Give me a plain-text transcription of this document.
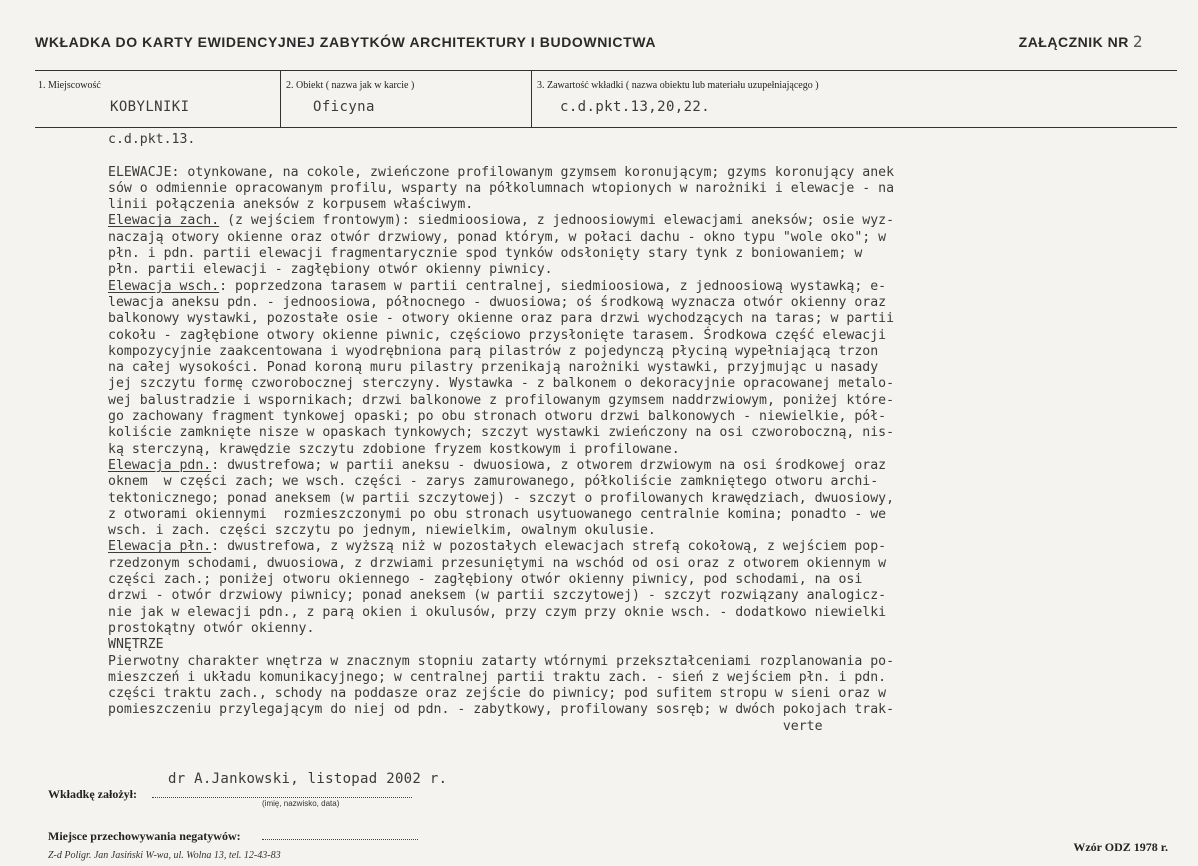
WKŁADKA DO KARTY EWIDENCYJNEJ ZABYTKÓW ARCHITEKTURY I BUDOWNICTWA	ZAŁĄCZNIK NR 2
1. Miejscowość
KOBYLNIKI
2. Obiekt ( nazwa jak w karcie )
Oficyna
3. Zawartość wkładki ( nazwa obiektu lub materiału uzupełniającego )
c.d.pkt.13,20,22.
c.d.pkt.13.
ELEWACJE: otynkowane, na cokole, zwieńczone profilowanym gzymsem koronującym; gzyms koronujący anek
sów o odmiennie opracowanym profilu, wsparty na półkolumnach wtopionych w narożniki i elewacje - na
linii połączenia aneksów z korpusem właściwym.
Elewacja zach. (z wejściem frontowym): siedmioosiowa, z jednoosiowymi elewacjami aneksów; osie wyz-
naczają otwory okienne oraz otwór drzwiowy, ponad którym, w połaci dachu - okno typu "wole oko"; w
płn. i pdn. partii elewacji fragmentarycznie spod tynków odsłonięty stary tynk z boniowaniem; w
płn. partii elewacji - zagłębiony otwór okienny piwnicy.
Elewacja wsch.: poprzedzona tarasem w partii centralnej, siedmioosiowa, z jednoosiową wystawką; e-
lewacja aneksu pdn. - jednoosiowa, północnego - dwuosiowa; oś środkową wyznacza otwór okienny oraz
balkonowy wystawki, pozostałe osie - otwory okienne oraz para drzwi wychodzących na taras; w partii
cokołu - zagłębione otwory okienne piwnic, częściowo przysłonięte tarasem. Środkowa część elewacji
kompozycyjnie zaakcentowana i wyodrębniona parą pilastrów z pojedynczą płyciną wypełniającą trzon
na całej wysokości. Ponad koroną muru pilastry przenikają narożniki wystawki, przyjmując u nasady
jej szczytu formę czworobocznej sterczyny. Wystawka - z balkonem o dekoracyjnie opracowanej metalo-
wej balustradzie i wspornikach; drzwi balkonowe z profilowanym gzymsem naddrzwiowym, poniżej które-
go zachowany fragment tynkowej opaski; po obu stronach otworu drzwi balkonowych - niewielkie, pół-
koliście zamknięte nisze w opaskach tynkowych; szczyt wystawki zwieńczony na osi czworoboczną, nis-
ką sterczyną, krawędzie szczytu zdobione fryzem kostkowym i profilowane.
Elewacja pdn.: dwustrefowa; w partii aneksu - dwuosiowa, z otworem drzwiowym na osi środkowej oraz
oknem  w części zach; we wsch. części - zarys zamurowanego, półkoliście zamkniętego otworu archi-
tektonicznego; ponad aneksem (w partii szczytowej) - szczyt o profilowanych krawędziach, dwuosiowy,
z otworami okiennymi  rozmieszczonymi po obu stronach usytuowanego centralnie komina; ponadto - we
wsch. i zach. części szczytu po jednym, niewielkim, owalnym okulusie.
Elewacja płn.: dwustrefowa, z wyższą niż w pozostałych elewacjach strefą cokołową, z wejściem pop-
rzedzonym schodami, dwuosiowa, z drzwiami przesuniętymi na wschód od osi oraz z otworem okiennym w
części zach.; poniżej otworu okiennego - zagłębiony otwór okienny piwnicy, pod schodami, na osi
drzwi - otwór drzwiowy piwnicy; ponad aneksem (w partii szczytowej) - szczyt rozwiązany analogicz-
nie jak w elewacji pdn., z parą okien i okulusów, przy czym przy oknie wsch. - dodatkowo niewielki
prostokątny otwór okienny.
WNĘTRZE
Pierwotny charakter wnętrza w znacznym stopniu zatarty wtórnymi przekształceniami rozplanowania po-
mieszczeń i układu komunikacyjnego; w centralnej partii traktu zach. - sień z wejściem płn. i pdn.
części traktu zach., schody na poddasze oraz zejście do piwnicy; pod sufitem stropu w sieni oraz w
pomieszczeniu przylegającym do niej od pdn. - zabytkowy, profilowany sosręb; w dwóch pokojach trak-
verte
Wkładkę założył:
dr A.Jankowski, listopad 2002 r.
(imię, nazwisko, data)
Miejsce przechowywania negatywów:
Z-d Poligr. Jan Jasiński W-wa, ul. Wolna 13, tel. 12-43-83
Wzór ODZ 1978 r.
